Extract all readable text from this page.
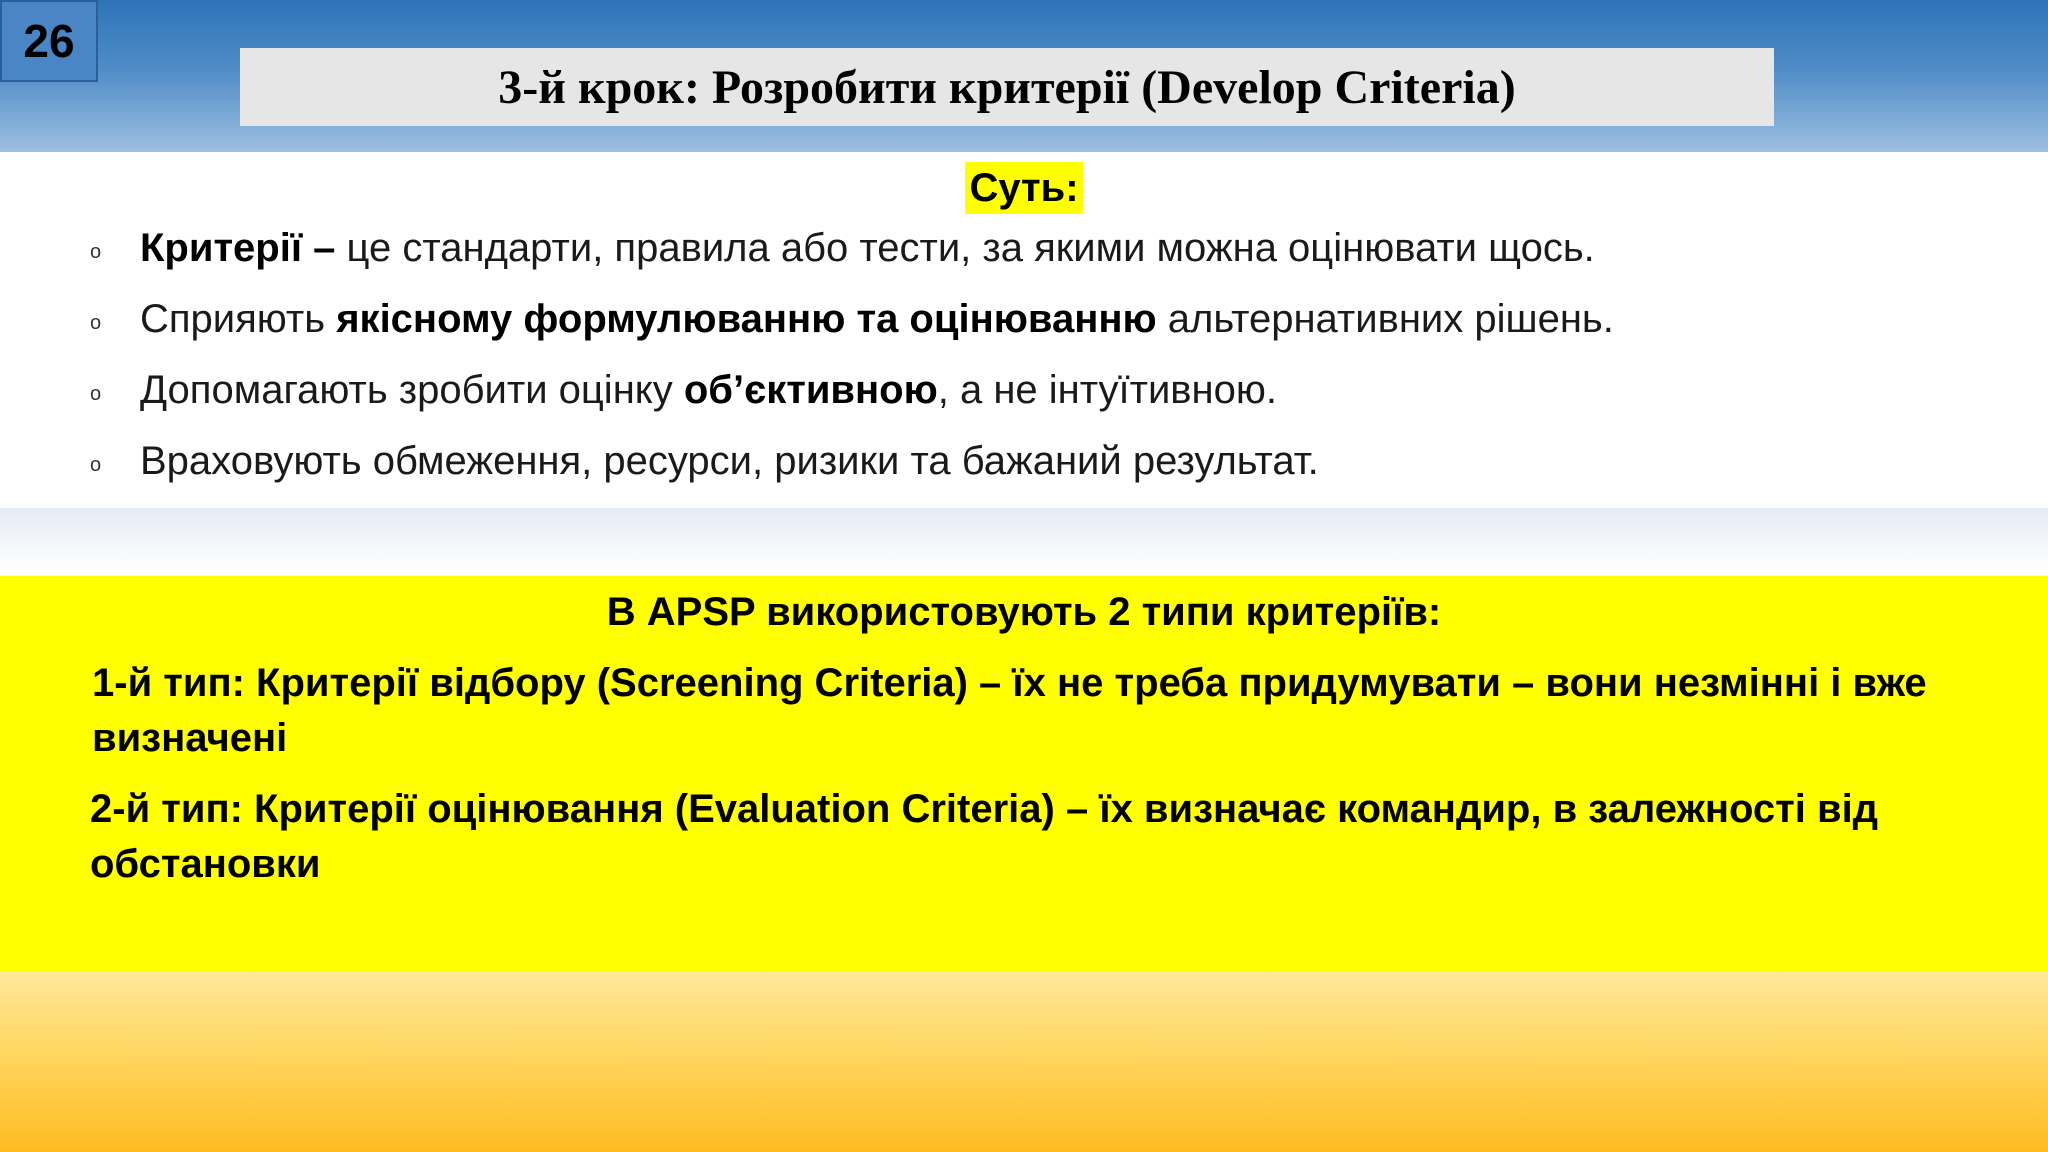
26
3-й крок: Розробити критерії (Develop Criteria)
Суть:
o Критерії – це стандарти, правила або тести, за якими можна оцінювати щось.
o Сприяють якісному формулюванню та оцінюванню альтернативних рішень.
o Допомагають зробити оцінку об’єктивною, а не інтуїтивною.
o Враховують обмеження, ресурси, ризики та бажаний результат.
В APSP використовують 2 типи критеріїв:
1-й тип: Критерії відбору (Screening Criteria) – їх не треба придумувати – вони незмінні і вже визначені
2-й тип: Критерії оцінювання (Evaluation Criteria) – їх визначає командир, в залежності від обстановки
